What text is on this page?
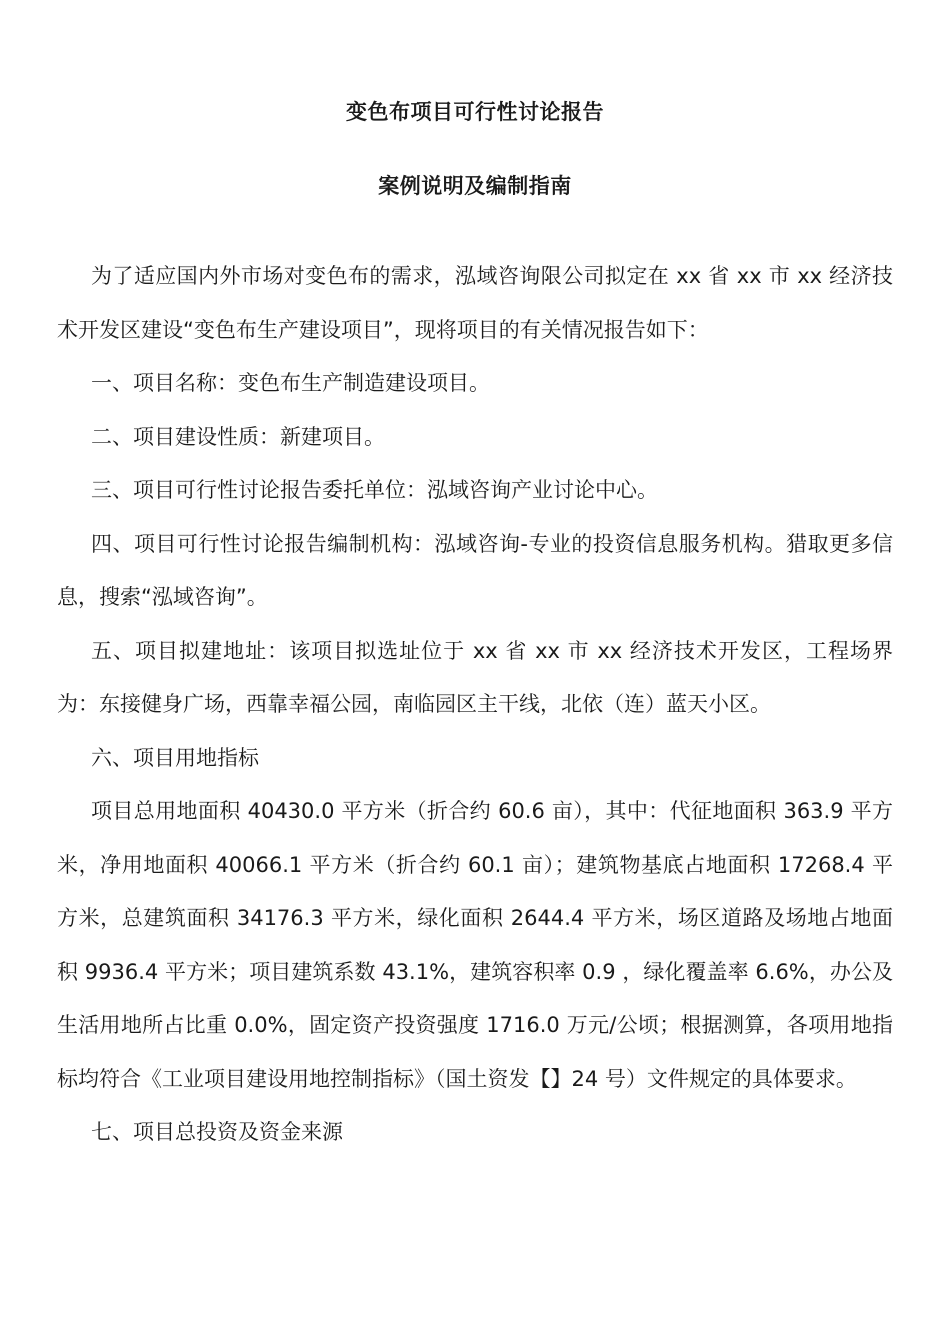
变色布项目可行性讨论报告
案例说明及编制指南

为了适应国内外市场对变色布的需求，泓域咨询限公司拟定在 xx 省 xx 市 xx 经济技术开发区建设“变色布生产建设项目”，现将项目的有关情况报告如下：

一、项目名称：变色布生产制造建设项目。

二、项目建设性质：新建项目。

三、项目可行性讨论报告委托单位：泓域咨询产业讨论中心。

四、项目可行性讨论报告编制机构：泓域咨询-专业的投资信息服务机构。猎取更多信息，搜索“泓域咨询”。

五、项目拟建地址：该项目拟选址位于 xx 省 xx 市 xx 经济技术开发区，工程场界为：东接健身广场，西靠幸福公园，南临园区主干线，北依（连）蓝天小区。

六、项目用地指标

项目总用地面积 40430.0 平方米（折合约 60.6 亩），其中：代征地面积 363.9 平方米，净用地面积 40066.1 平方米（折合约 60.1 亩）；建筑物基底占地面积 17268.4 平方米，总建筑面积 34176.3 平方米，绿化面积 2644.4 平方米，场区道路及场地占地面积 9936.4 平方米；项目建筑系数 43.1%，建筑容积率 0.9 ，绿化覆盖率 6.6%，办公及生活用地所占比重 0.0%，固定资产投资强度 1716.0 万元/公顷；根据测算，各项用地指标均符合《工业项目建设用地控制指标》（国土资发【】24 号）文件规定的具体要求。

七、项目总投资及资金来源
